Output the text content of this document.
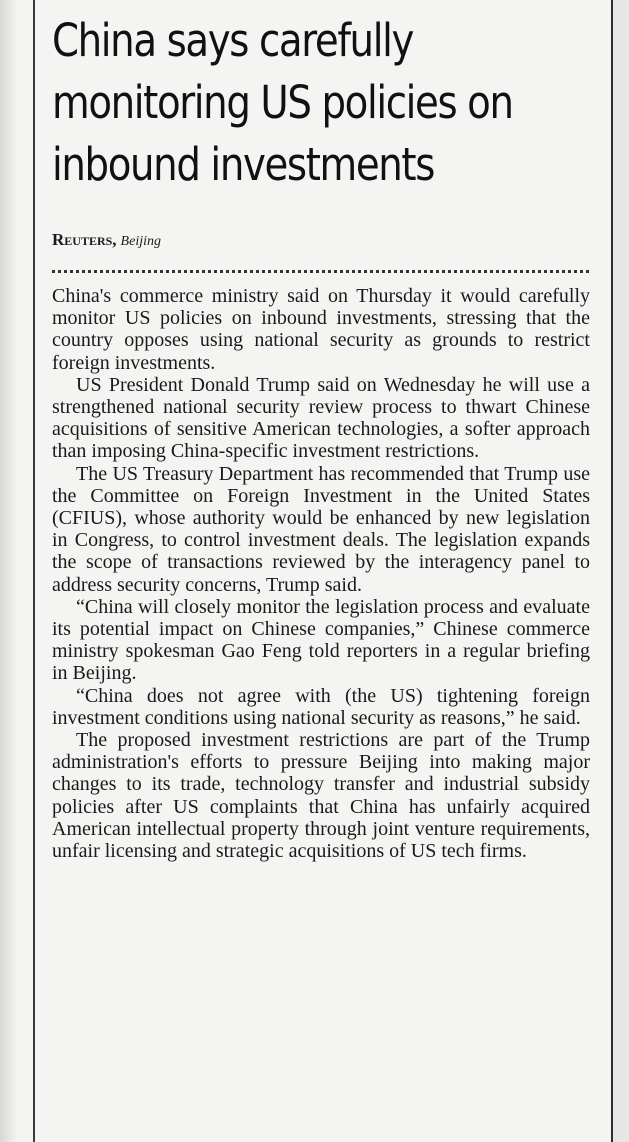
China says carefully
monitoring US policies on
inbound investments
Reuters, Beijing

China's commerce ministry said on Thursday it would carefully monitor US policies on inbound investments, stressing that the country opposes using national security as grounds to restrict foreign investments.

US President Donald Trump said on Wednesday he will use a strengthened national security review process to thwart Chinese acquisitions of sensitive American technologies, a softer approach than imposing China-specific investment restrictions.

The US Treasury Department has recommended that Trump use the Committee on Foreign Investment in the United States (CFIUS), whose authority would be enhanced by new legislation in Congress, to control investment deals. The legislation expands the scope of transactions reviewed by the interagency panel to address security concerns, Trump said.

“China will closely monitor the legislation process and evaluate its potential impact on Chinese companies,” Chinese commerce ministry spokesman Gao Feng told reporters in a regular briefing in Beijing.

“China does not agree with (the US) tightening foreign investment conditions using national security as reasons,” he said.

The proposed investment restrictions are part of the Trump administration's efforts to pressure Beijing into making major changes to its trade, technology transfer and industrial subsidy policies after US complaints that China has unfairly acquired American intellectual property through joint venture requirements, unfair licensing and strategic acquisitions of US tech firms.
